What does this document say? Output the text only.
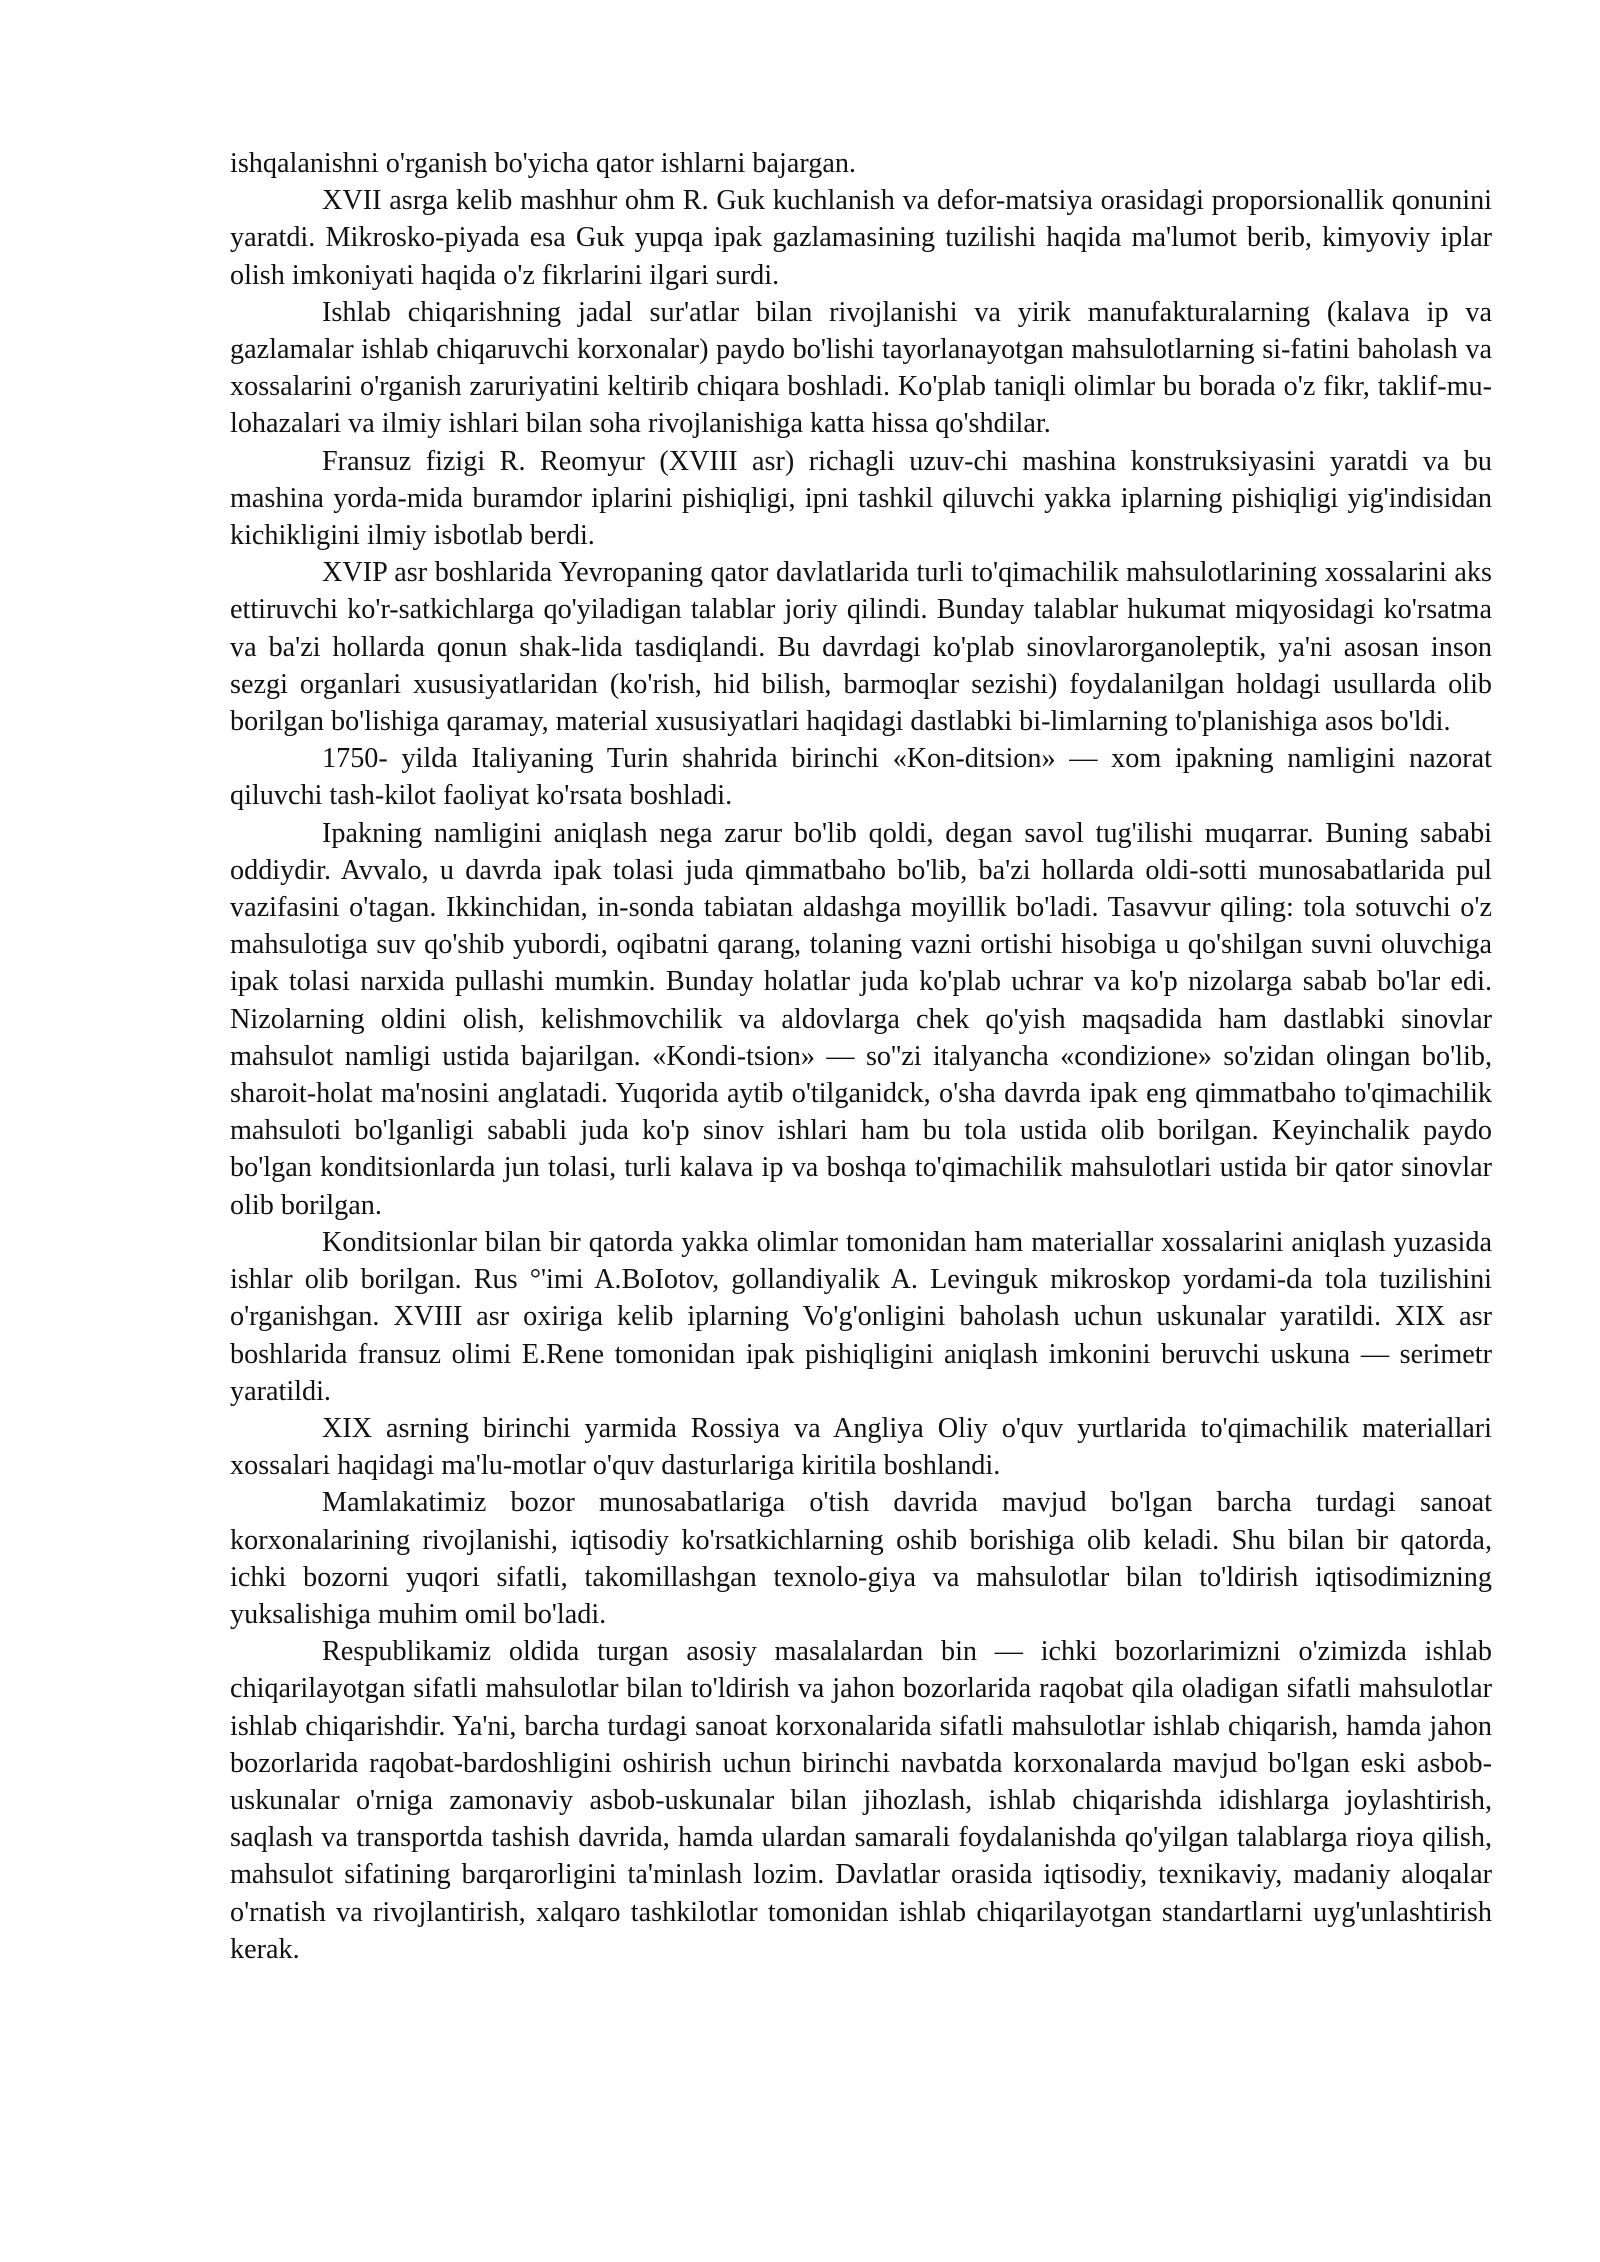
ishqalanishni o'rganish bo'yicha qator ishlarni bajargan.

XVII asrga kelib mashhur ohm R. Guk kuchlanish va defor-matsiya orasidagi proporsionallik qonunini yaratdi. Mikrosko-piyada esa Guk yupqa ipak gazlamasining tuzilishi haqida ma'lumot berib, kimyoviy iplar olish imkoniyati haqida o'z fikrlarini ilgari surdi.

Ishlab chiqarishning jadal sur'atlar bilan rivojlanishi va yirik manufakturalarning (kalava ip va gazlamalar ishlab chiqaruvchi korxonalar) paydo bo'lishi tayorlanayotgan mahsulotlarning si-fatini baholash va xossalarini o'rganish zaruriyatini keltirib chiqara boshladi. Ko'plab taniqli olimlar bu borada o'z fikr, taklif-mu-lohazalari va ilmiy ishlari bilan soha rivojlanishiga katta hissa qo'shdilar.

Fransuz fizigi R. Reomyur (XVIII asr) richagli uzuv-chi mashina konstruksiyasini yaratdi va bu mashina yorda-mida buramdor iplarini pishiqligi, ipni tashkil qiluvchi yakka iplarning pishiqligi yig'indisidan kichikligini ilmiy isbotlab berdi.

XVIP asr boshlarida Yevropaning qator davlatlarida turli to'qimachilik mahsulotlarining xossalarini aks ettiruvchi ko'r-satkichlarga qo'yiladigan talablar joriy qilindi. Bunday talablar hukumat miqyosidagi ko'rsatma va ba'zi hollarda qonun shak-lida tasdiqlandi. Bu davrdagi ko'plab sinovlarorganoleptik, ya'ni asosan inson sezgi organlari xususiyatlaridan (ko'rish, hid bilish, barmoqlar sezishi) foydalanilgan holdagi usullarda olib borilgan bo'lishiga qaramay, material xususiyatlari haqidagi dastlabki bi-limlarning to'planishiga asos bo'ldi.

1750- yilda Italiyaning Turin shahrida birinchi «Kon-ditsion» — xom ipakning namligini nazorat qiluvchi tash-kilot faoliyat ko'rsata boshladi.

Ipakning namligini aniqlash nega zarur bo'lib qoldi, degan savol tug'ilishi muqarrar. Buning sababi oddiydir. Avvalo, u davrda ipak tolasi juda qimmatbaho bo'lib, ba'zi hollarda oldi-sotti munosabatlarida pul vazifasini o'tagan. Ikkinchidan, in-sonda tabiatan aldashga moyillik bo'ladi. Tasavvur qiling: tola sotuvchi o'z mahsulotiga suv qo'shib yubordi, oqibatni qarang, tolaning vazni ortishi hisobiga u qo'shilgan suvni oluvchiga ipak tolasi narxida pullashi mumkin. Bunday holatlar juda ko'plab uchrar va ko'p nizolarga sabab bo'lar edi. Nizolarning oldini olish, kelishmovchilik va aldovlarga chek qo'yish maqsadida ham dastlabki sinovlar mahsulot namligi ustida bajarilgan. «Kondi-tsion» — so''zi italyancha «condizione» so'zidan olingan bo'lib, sharoit-holat ma'nosini anglatadi. Yuqorida aytib o'tilganidck, o'sha davrda ipak eng qimmatbaho to'qimachilik mahsuloti bo'lganligi sababli juda ko'p sinov ishlari ham bu tola ustida olib borilgan. Keyinchalik paydo bo'lgan konditsionlarda jun tolasi, turli kalava ip va boshqa to'qimachilik mahsulotlari ustida bir qator sinovlar olib borilgan.

Konditsionlar bilan bir qatorda yakka olimlar tomonidan ham materiallar xossalarini aniqlash yuzasida ishlar olib borilgan. Rus °'imi A.BoIotov, gollandiyalik A. Levinguk mikroskop yordami-da tola tuzilishini o'rganishgan. XVIII asr oxiriga kelib iplarning Vo'g'onligini baholash uchun uskunalar yaratildi. XIX asr boshlarida fransuz olimi E.Rene tomonidan ipak pishiqligini aniqlash imkonini beruvchi uskuna — serimetr yaratildi.

XIX asrning birinchi yarmida Rossiya va Angliya Oliy o'quv yurtlarida to'qimachilik materiallari xossalari haqidagi ma'lu-motlar o'quv dasturlariga kiritila boshlandi.

Mamlakatimiz bozor munosabatlariga o'tish davrida mavjud bo'lgan barcha turdagi sanoat korxonalarining rivojlanishi, iqtisodiy ko'rsatkichlarning oshib borishiga olib keladi. Shu bilan bir qatorda, ichki bozorni yuqori sifatli, takomillashgan texnolo-giya va mahsulotlar bilan to'ldirish iqtisodimizning yuksalishiga muhim omil bo'ladi.

Respublikamiz oldida turgan asosiy masalalardan bin — ichki bozorlarimizni o'zimizda ishlab chiqarilayotgan sifatli mahsulotlar bilan to'ldirish va jahon bozorlarida raqobat qila oladigan sifatli mahsulotlar ishlab chiqarishdir. Ya'ni, barcha turdagi sanoat korxonalarida sifatli mahsulotlar ishlab chiqarish, hamda jahon bozorlarida raqobat-bardoshligini oshirish uchun birinchi navbatda korxonalarda mavjud bo'lgan eski asbob-uskunalar o'rniga zamonaviy asbob-uskunalar bilan jihozlash, ishlab chiqarishda idishlarga joylashtirish, saqlash va transportda tashish davrida, hamda ulardan samarali foydalanishda qo'yilgan talablarga rioya qilish, mahsulot sifatining barqarorligini ta'minlash lozim. Davlatlar orasida iqtisodiy, texnikaviy, madaniy aloqalar o'rnatish va rivojlantirish, xalqaro tashkilotlar tomonidan ishlab chiqarilayotgan standartlarni uyg'unlashtirish kerak.
